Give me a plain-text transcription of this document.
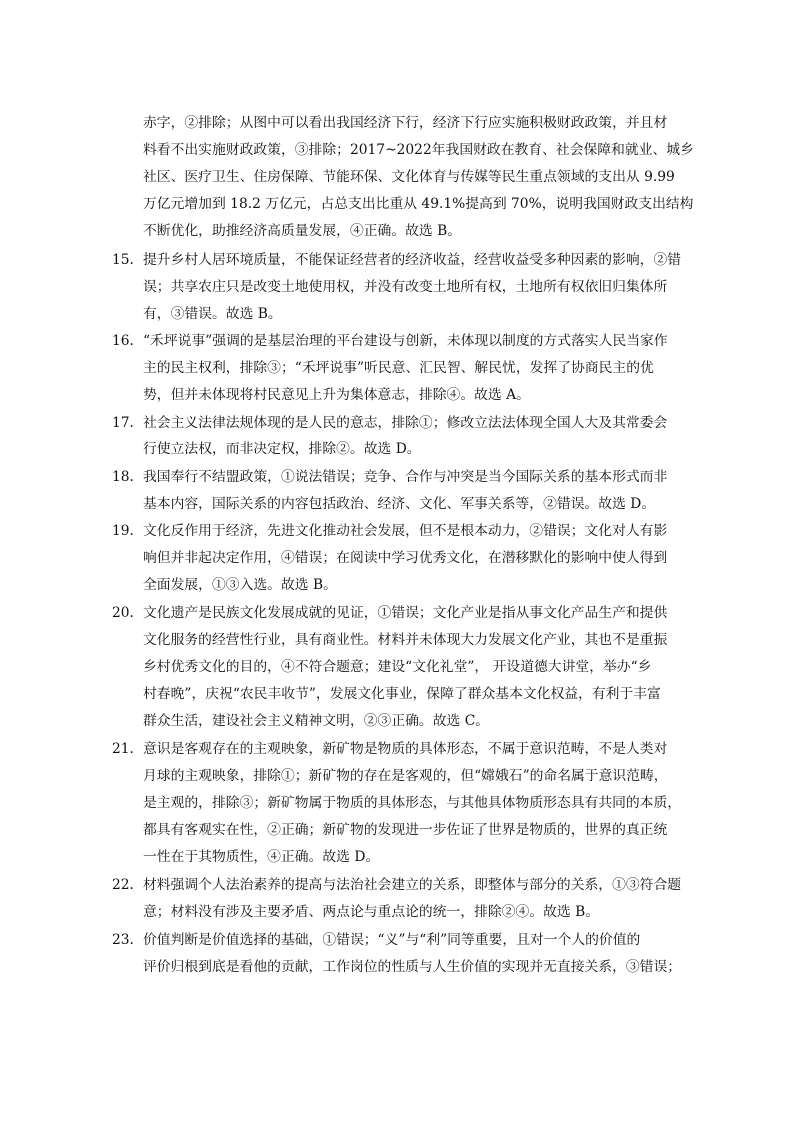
赤字，②排除；从图中可以看出我国经济下行，经济下行应实施积极财政政策，并且材
料看不出实施财政政策，③排除；2017~2022年我国财政在教育、社会保障和就业、城乡
社区、医疗卫生、住房保障、节能环保、文化体育与传媒等民生重点领域的支出从 9.99
万亿元增加到 18.2 万亿元，占总支出比重从 49.1%提高到 70%，说明我国财政支出结构
不断优化，助推经济高质量发展，④正确。故选 B。
15． 提升乡村人居环境质量，不能保证经营者的经济收益，经营收益受多种因素的影响，②错
误；共享农庄只是改变土地使用权，并没有改变土地所有权，土地所有权依旧归集体所
有，③错误。故选 B。
16． “禾坪说事”强调的是基层治理的平台建设与创新，未体现以制度的方式落实人民当家作
主的民主权利，排除③；“禾坪说事”听民意、汇民智、解民忧，发挥了协商民主的优
势，但并未体现将村民意见上升为集体意志，排除④。故选 A。
17． 社会主义法律法规体现的是人民的意志，排除①；修改立法法体现全国人大及其常委会
行使立法权，而非决定权，排除②。故选 D。
18． 我国奉行不结盟政策，①说法错误；竞争、合作与冲突是当今国际关系的基本形式而非
基本内容，国际关系的内容包括政治、经济、文化、军事关系等，②错误。故选 D。
19． 文化反作用于经济，先进文化推动社会发展，但不是根本动力，②错误；文化对人有影
响但并非起决定作用，④错误；在阅读中学习优秀文化，在潜移默化的影响中使人得到
全面发展，①③入选。故选 B。
20． 文化遗产是民族文化发展成就的见证，①错误；文化产业是指从事文化产品生产和提供
文化服务的经营性行业，具有商业性。材料并未体现大力发展文化产业，其也不是重振
乡村优秀文化的目的，④不符合题意；建设“文化礼堂”， 开设道德大讲堂，举办“乡
村春晚”，庆祝“农民丰收节”，发展文化事业，保障了群众基本文化权益，有利于丰富
群众生活，建设社会主义精神文明，②③正确。故选 C。
21． 意识是客观存在的主观映象，新矿物是物质的具体形态，不属于意识范畴，不是人类对
月球的主观映象，排除①；新矿物的存在是客观的，但“嫦娥石”的命名属于意识范畴，
是主观的，排除③；新矿物属于物质的具体形态，与其他具体物质形态具有共同的本质，
都具有客观实在性，②正确；新矿物的发现进一步佐证了世界是物质的，世界的真正统
一性在于其物质性，④正确。故选 D。
22． 材料强调个人法治素养的提高与法治社会建立的关系，即整体与部分的关系，①③符合题
意；材料没有涉及主要矛盾、两点论与重点论的统一，排除②④。故选 B。
23． 价值判断是价值选择的基础，①错误；“义”与“利”同等重要，且对一个人的价值的
评价归根到底是看他的贡献，工作岗位的性质与人生价值的实现并无直接关系，③错误；
